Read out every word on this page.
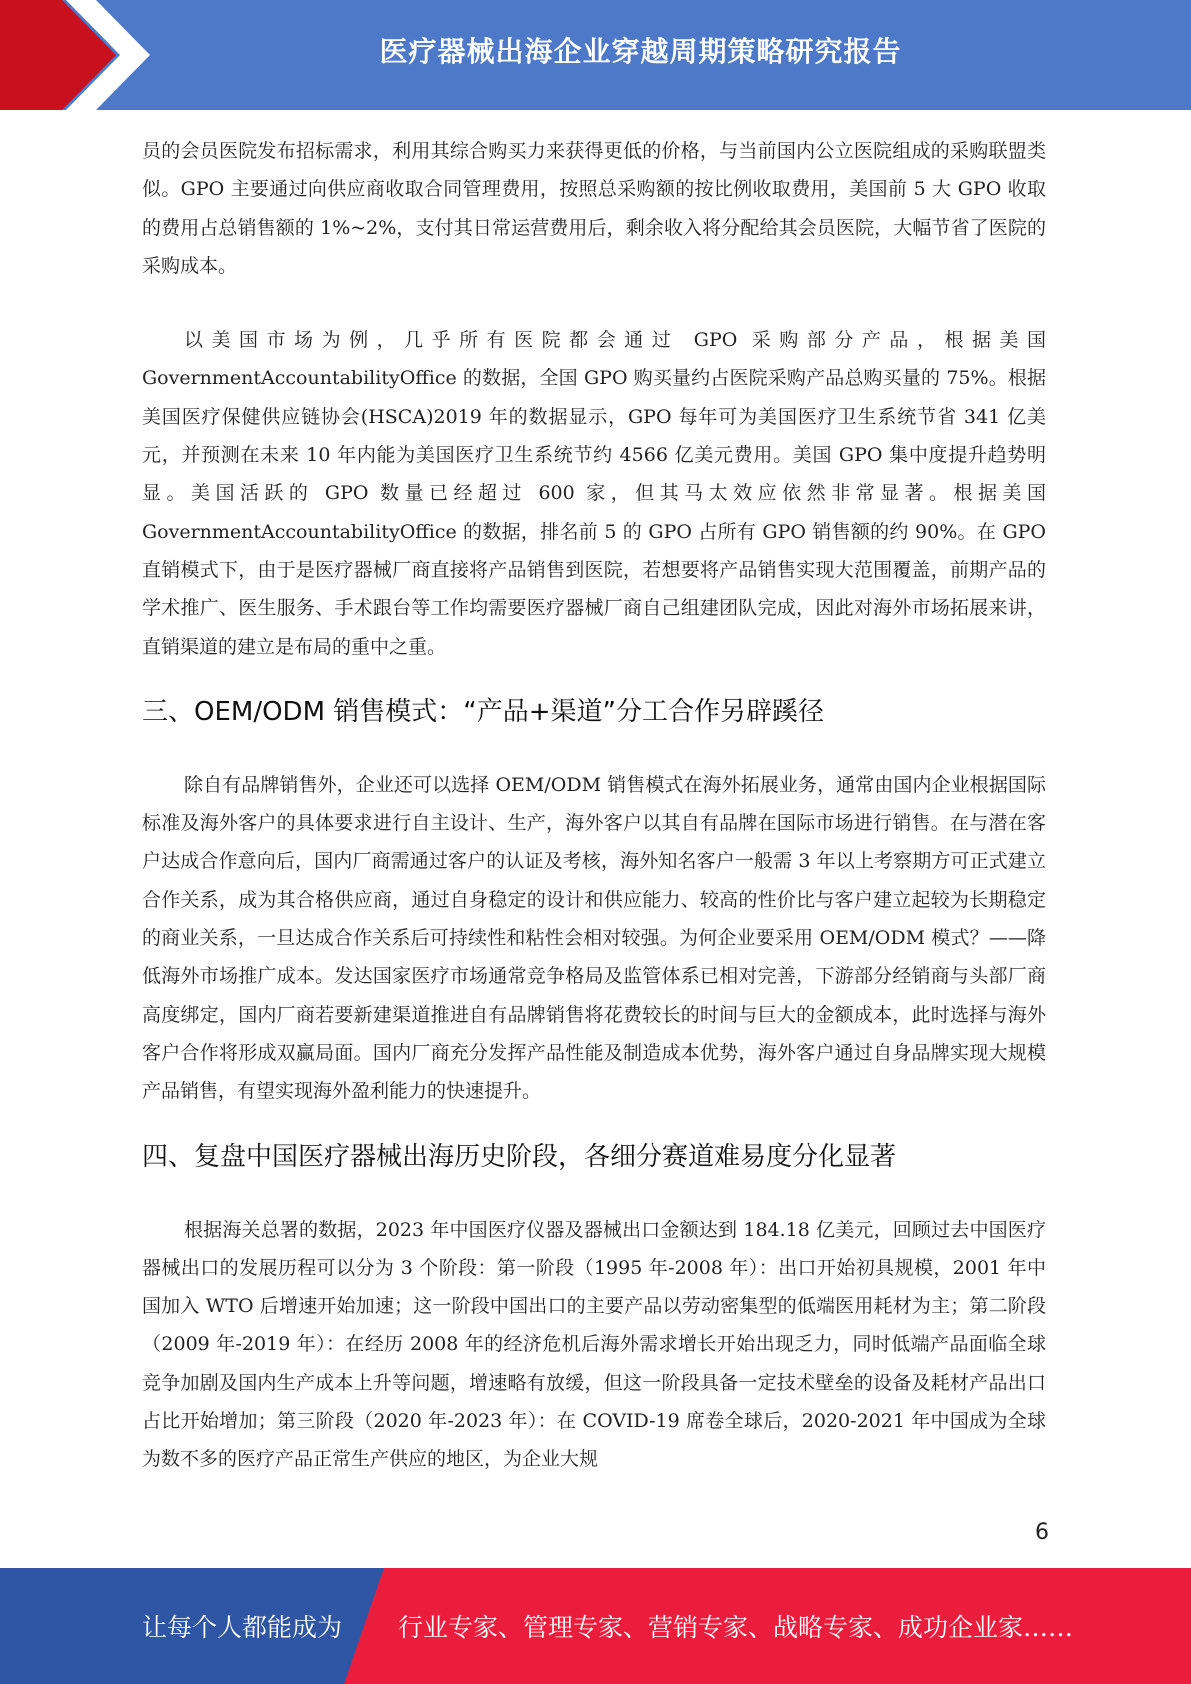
医疗器械出海企业穿越周期策略研究报告

员的会员医院发布招标需求，利用其综合购买力来获得更低的价格，与当前国内公立医院组成的采购联盟类似。GPO 主要通过向供应商收取合同管理费用，按照总采购额的按比例收取费用，美国前 5 大 GPO 收取的费用占总销售额的 1%~2%，支付其日常运营费用后，剩余收入将分配给其会员医院，大幅节省了医院的采购成本。

以美国市场为例，几乎所有医院都会通过 GPO 采购部分产品，根据美国 GovernmentAccountabilityOffice 的数据，全国 GPO 购买量约占医院采购产品总购买量的 75%。根据美国医疗保健供应链协会(HSCA)2019 年的数据显示，GPO 每年可为美国医疗卫生系统节省 341 亿美元，并预测在未来 10 年内能为美国医疗卫生系统节约 4566 亿美元费用。美国 GPO 集中度提升趋势明显。美国活跃的 GPO 数量已经超过 600 家，但其马太效应依然非常显著。根据美国 GovernmentAccountabilityOffice 的数据，排名前 5 的 GPO 占所有 GPO 销售额的约 90%。在 GPO 直销模式下，由于是医疗器械厂商直接将产品销售到医院，若想要将产品销售实现大范围覆盖，前期产品的学术推广、医生服务、手术跟台等工作均需要医疗器械厂商自己组建团队完成，因此对海外市场拓展来讲，直销渠道的建立是布局的重中之重。

三、OEM/ODM 销售模式：“产品+渠道”分工合作另辟蹊径

除自有品牌销售外，企业还可以选择 OEM/ODM 销售模式在海外拓展业务，通常由国内企业根据国际标准及海外客户的具体要求进行自主设计、生产，海外客户以其自有品牌在国际市场进行销售。在与潜在客户达成合作意向后，国内厂商需通过客户的认证及考核，海外知名客户一般需 3 年以上考察期方可正式建立合作关系，成为其合格供应商，通过自身稳定的设计和供应能力、较高的性价比与客户建立起较为长期稳定的商业关系，一旦达成合作关系后可持续性和粘性会相对较强。为何企业要采用 OEM/ODM 模式？——降低海外市场推广成本。发达国家医疗市场通常竞争格局及监管体系已相对完善，下游部分经销商与头部厂商高度绑定，国内厂商若要新建渠道推进自有品牌销售将花费较长的时间与巨大的金额成本，此时选择与海外客户合作将形成双赢局面。国内厂商充分发挥产品性能及制造成本优势，海外客户通过自身品牌实现大规模产品销售，有望实现海外盈利能力的快速提升。

四、复盘中国医疗器械出海历史阶段，各细分赛道难易度分化显著

根据海关总署的数据，2023 年中国医疗仪器及器械出口金额达到 184.18 亿美元，回顾过去中国医疗器械出口的发展历程可以分为 3 个阶段：第一阶段（1995 年-2008 年）：出口开始初具规模，2001 年中国加入 WTO 后增速开始加速；这一阶段中国出口的主要产品以劳动密集型的低端医用耗材为主；第二阶段（2009 年-2019 年）：在经历 2008 年的经济危机后海外需求增长开始出现乏力，同时低端产品面临全球竞争加剧及国内生产成本上升等问题，增速略有放缓，但这一阶段具备一定技术壁垒的设备及耗材产品出口占比开始增加；第三阶段（2020 年-2023 年）：在 COVID-19 席卷全球后，2020-2021 年中国成为全球为数不多的医疗产品正常生产供应的地区，为企业大规

6
让每个人都能成为 行业专家、管理专家、营销专家、战略专家、成功企业家……
